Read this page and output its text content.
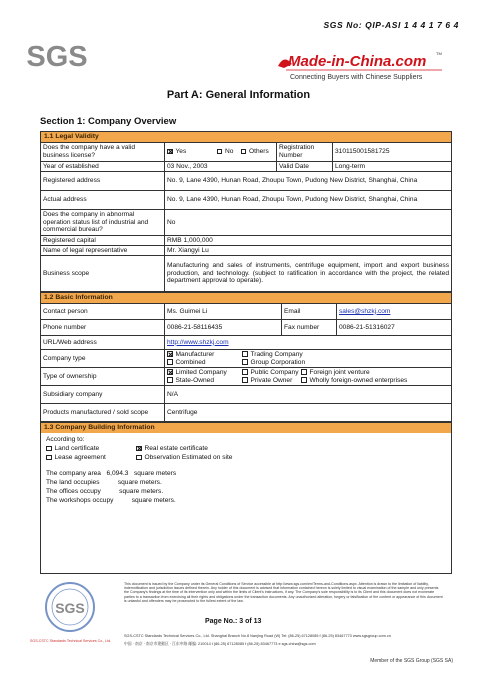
SGS No: QIP-ASI 1 4 4 1 7 6 4
SGS	Made-in-China.com TM
Connecting Buyers with Chinese Suppliers
Part A: General Information
Section 1: Company Overview
1.1 Legal Validity
Does the company have a valid business license?	Yes	No	Others	Registration Number	310115001581725
Year of established	03 Nov., 2003			Valid Date	Long-term
Registered address	No. 9, Lane 4390, Hunan Road, Zhoupu Town, Pudong New District, Shanghai, China				
Actual address	No. 9, Lane 4390, Hunan Road, Zhoupu Town, Pudong New District, Shanghai, China				
Does the company in abnormal operation status list of industrial and commercial bureau?	No				
Registered capital	RMB 1,000,000				
Name of legal representative	Mr. Xiangyi Lu				
Business scope	Manufacturing and sales of instruments, centrifuge equipment, import and export business production, and technology. (subject to ratification in accordance with the project, the related department approval to operate).				
1.2 Basic Information
Contact person	Ms. Guimei Li	Email	sales@shzkj.com
Phone number	0086-21-58116435	Fax number	0086-21-51316027
URL/Web address	http://www.shzkj.com		
Company type	Manufacturer Trading Company
Combined Group Corporation		
Type of ownership	Limited Company Public Company Foreign joint venture
State-Owned Private Owner Wholly foreign-owned enterprises		
Subsidiary company	N/A		
Products manufactured / sold scope	Centrifuge		
1.3 Company Building Information
According to:
Land certificate	Real estate certificate
Lease agreement	Observation Estimated on site
The company area   6,094.3   square meters
The land occupies          square meters.
The offices occupy          square meters.
The workshops occupy          square meters.
SGS
SGS-CSTC Standards Technical Services Co., Ltd.
This document is issued by the Company under its General Conditions of Service accessible at http://www.sgs.com/en/Terms-and-Conditions.aspx. Attention is drawn to the limitation of liability, indemnification and jurisdiction issues defined therein. Any holder of this document is advised that information contained hereon is solely limited to visual examination of the sample and only presents the Company's findings at the time of its intervention only and within the limits of Client's instructions, if any. The Company's sole responsibility is to its Client and this document does not exonerate parties to a transaction from exercising all their rights and obligations under the transaction documents. Any unauthorized alteration, forgery or falsification of the content or appearance of this document is unlawful and offenders may be prosecuted to the fullest extent of the law.
Page No.: 3 of 13
SGS-CSTC Standards Technical Services Co., Ltd. Shanghai Branch No.8 Nanjing Road (W) Tel: (86-25) 67128085 f (86-25) 83467773 www.sgsgroup.com.cn
中国 · 南京 · 南京市建邺区 · 江东中路 邮编: 210014 t (86-25) 67128085 f (86-25) 83467773 e sgs.china@sgs.com
Member of the SGS Group (SGS SA)
